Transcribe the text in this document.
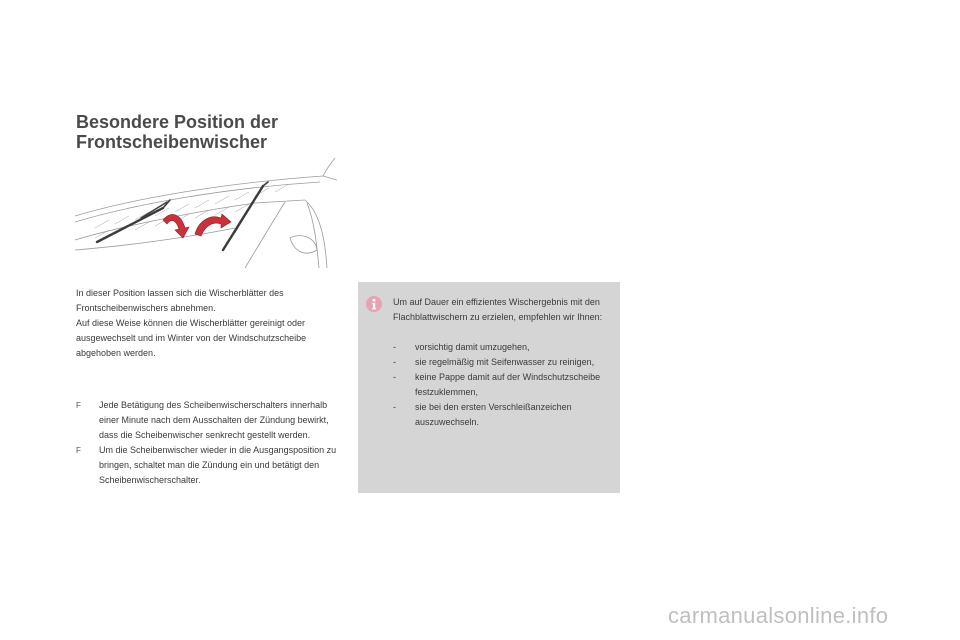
Besondere Position der
Frontscheibenwischer

In dieser Position lassen sich die Wischerblätter des Frontscheibenwischers abnehmen.

Auf diese Weise können die Wischerblätter gereinigt oder ausgewechselt und im Winter von der Windschutzscheibe abgehoben werden.

F Jede Betätigung des Scheibenwischerschalters innerhalb einer Minute nach dem Ausschalten der Zündung bewirkt, dass die Scheibenwischer senkrecht gestellt werden.
F Um die Scheibenwischer wieder in die Ausgangsposition zu bringen, schaltet man die Zündung ein und betätigt den Scheibenwischerschalter.

Um auf Dauer ein effizientes Wischergebnis mit den Flachblattwischern zu erzielen, empfehlen wir Ihnen:

- vorsichtig damit umzugehen,
- sie regelmäßig mit Seifenwasser zu reinigen,
- keine Pappe damit auf der Windschutzscheibe festzuklemmen,
- sie bei den ersten Verschleißanzeichen auszuwechseln.
carmanualsonline.info
